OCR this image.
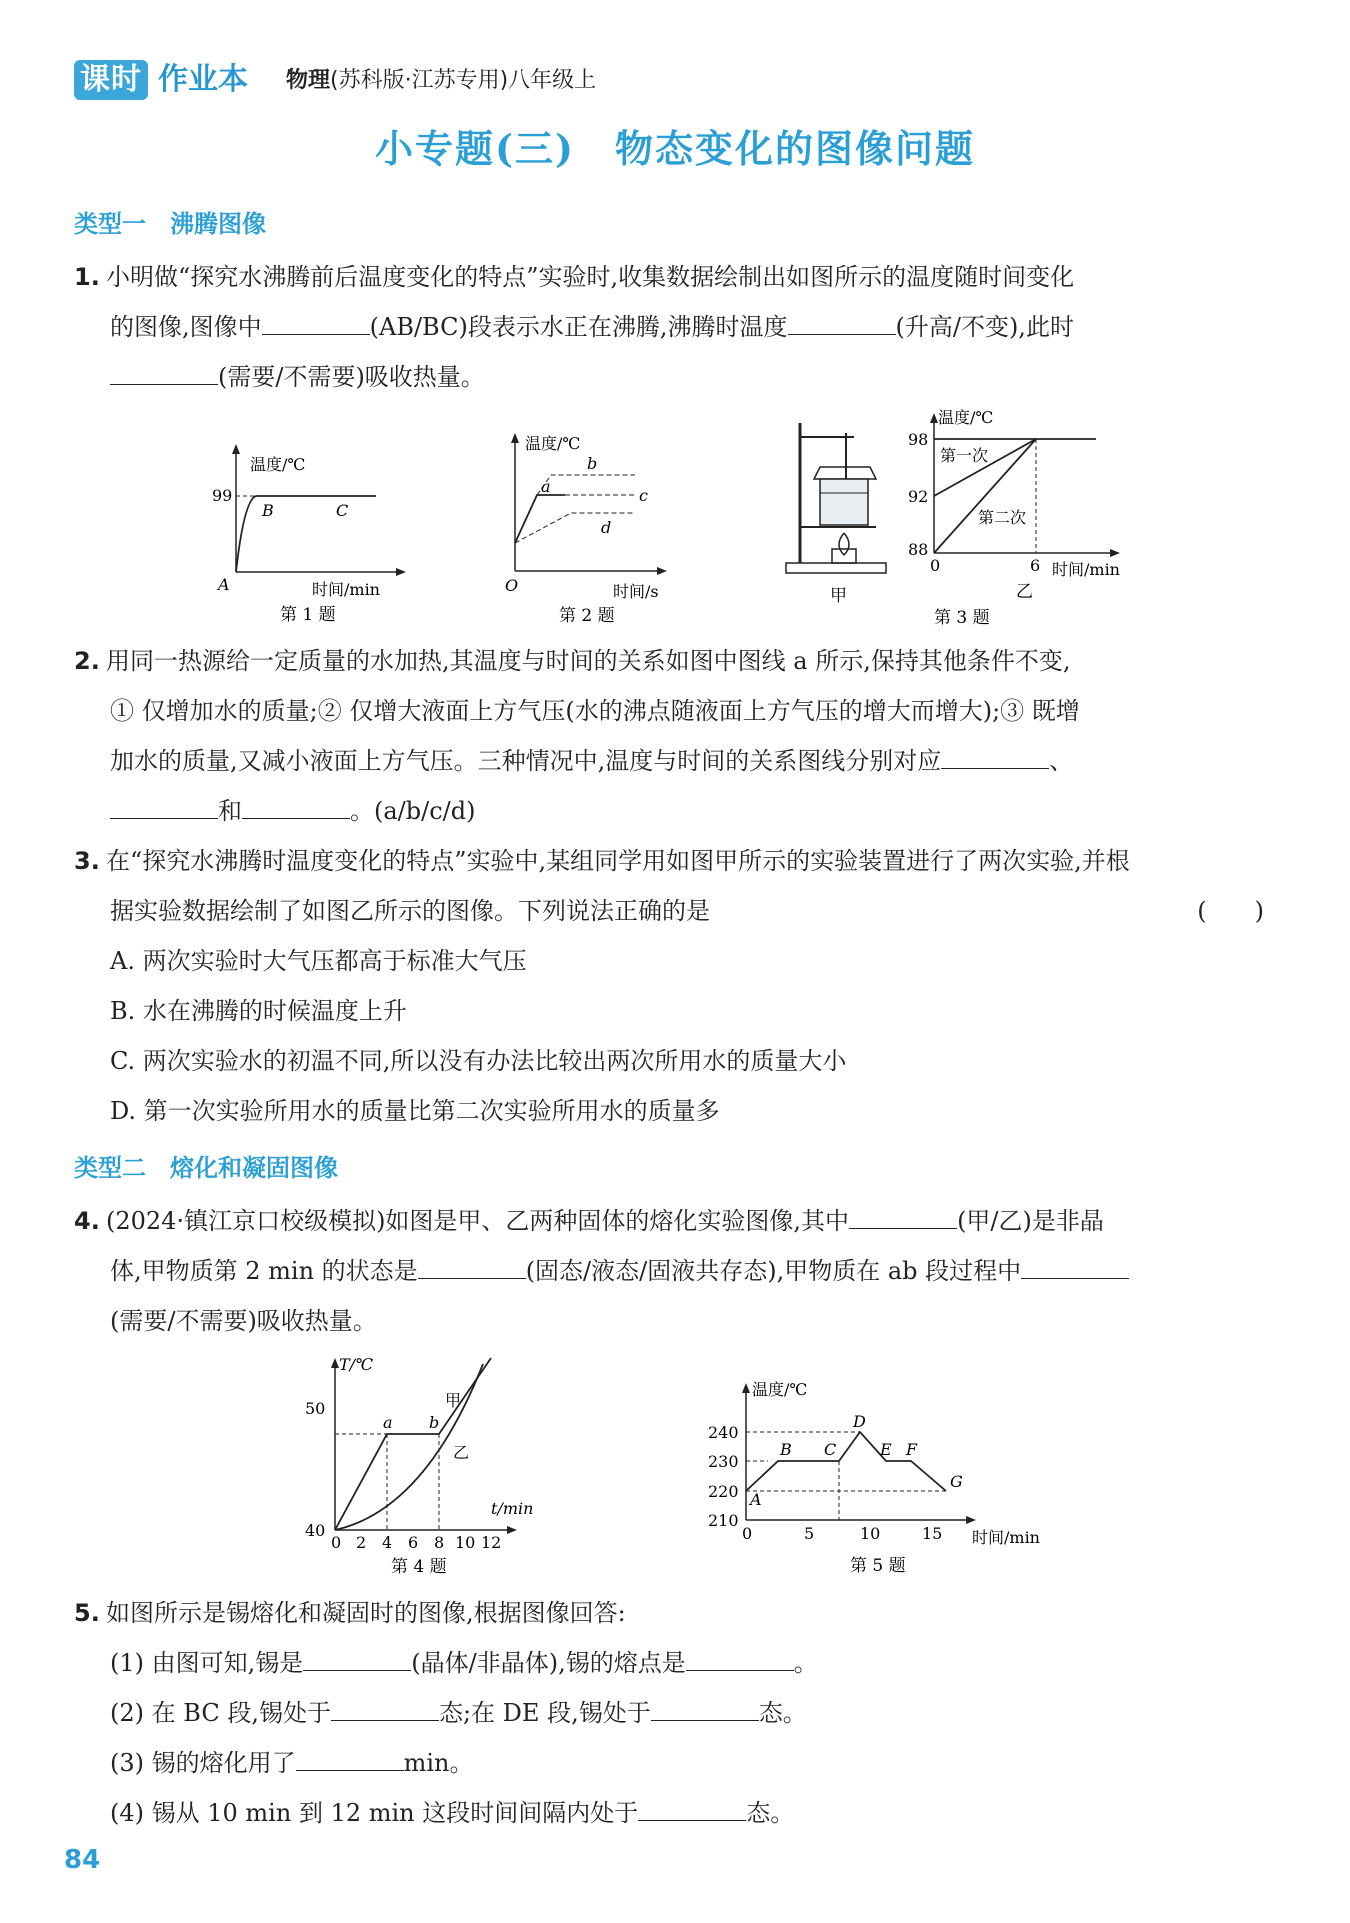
课时 作业本 物理(苏科版·江苏专用)八年级上
小专题(三)　物态变化的图像问题
类型一　沸腾图像
1. 小明做“探究水沸腾前后温度变化的特点”实验时,收集数据绘制出如图所示的温度随时间变化
的图像,图像中	(AB/BC)段表示水正在沸腾,沸腾时温度	(升高/不变),此时
(需要/不需要)吸收热量。
温度/℃
99
A
B	C
时间/min
第 1 题
温度/℃
a
b
c
d
O	时间/s
第 2 题
甲
温度/℃
98
92
88
0	6
第一次
第二次
时间/min
乙
第 3 题
2. 用同一热源给一定质量的水加热,其温度与时间的关系如图中图线 a 所示,保持其他条件不变,
① 仅增加水的质量;② 仅增大液面上方气压(水的沸点随液面上方气压的增大而增大);③ 既增
加水的质量,又减小液面上方气压。三种情况中,温度与时间的关系图线分别对应	、
和	。(a/b/c/d)
3. 在“探究水沸腾时温度变化的特点”实验中,某组同学用如图甲所示的实验装置进行了两次实验,并根
据实验数据绘制了如图乙所示的图像。下列说法正确的是	(　　)
A. 两次实验时大气压都高于标准大气压
B. 水在沸腾的时候温度上升
C. 两次实验水的初温不同,所以没有办法比较出两次所用水的质量大小
D. 第一次实验所用水的质量比第二次实验所用水的质量多
类型二　熔化和凝固图像
4. (2024·镇江京口校级模拟)如图是甲、乙两种固体的熔化实验图像,其中	(甲/乙)是非晶
体,甲物质第 2 min 的状态是	(固态/液态/固液共存态),甲物质在 ab 段过程中
(需要/不需要)吸收热量。
T/℃
50
40
a b
甲
乙
t/min
0 2 4 6 8 10 12
第 4 题
温度/℃
240
230
220
210
0	5	10	15
A
B C
D
E F
G
时间/min
第 5 题
5. 如图所示是锡熔化和凝固时的图像,根据图像回答:
(1) 由图可知,锡是	(晶体/非晶体),锡的熔点是	。
(2) 在 BC 段,锡处于	态;在 DE 段,锡处于	态。
(3) 锡的熔化用了	min。
(4) 锡从 10 min 到 12 min 这段时间间隔内处于	态。
84
